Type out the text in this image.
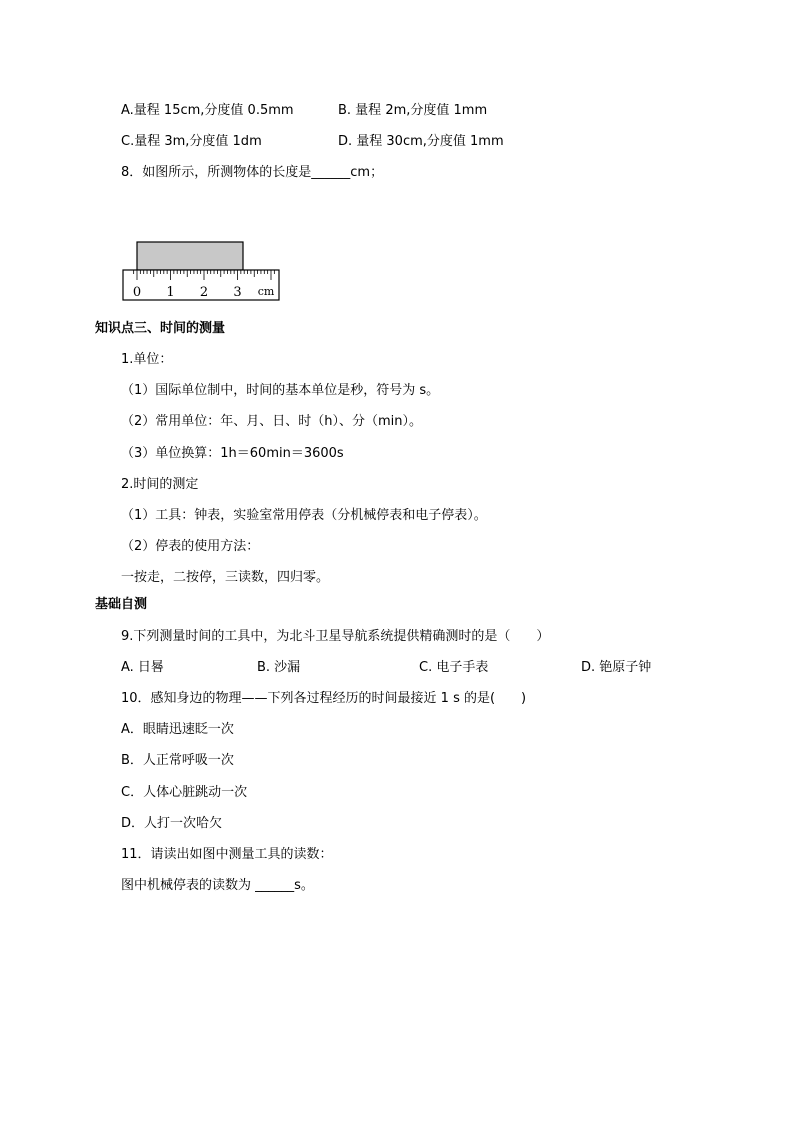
A.量程 15cm,分度值 0.5mm	B. 量程 2m,分度值 1mm
C.量程 3m,分度值 1dm	D. 量程 30cm,分度值 1mm
8．如图所示，所测物体的长度是______cm；
0 1 2 3 cm
知识点三、时间的测量
1.单位：
（1）国际单位制中，时间的基本单位是秒，符号为 s。
（2）常用单位：年、月、日、时（h）、分（min）。
（3）单位换算：1h＝60min＝3600s
2.时间的测定
（1）工具：钟表，实验室常用停表（分机械停表和电子停表）。
（2）停表的使用方法：
一按走，二按停，三读数，四归零。
基础自测
9.下列测量时间的工具中，为北斗卫星导航系统提供精确测时的是（　　）
A. 日晷	B. 沙漏	C. 电子手表	D. 铯原子钟
10．感知身边的物理——下列各过程经历的时间最接近 1 s 的是(　　)
A．眼睛迅速眨一次
B．人正常呼吸一次
C．人体心脏跳动一次
D．人打一次哈欠
11．请读出如图中测量工具的读数：
图中机械停表的读数为 ______s。
